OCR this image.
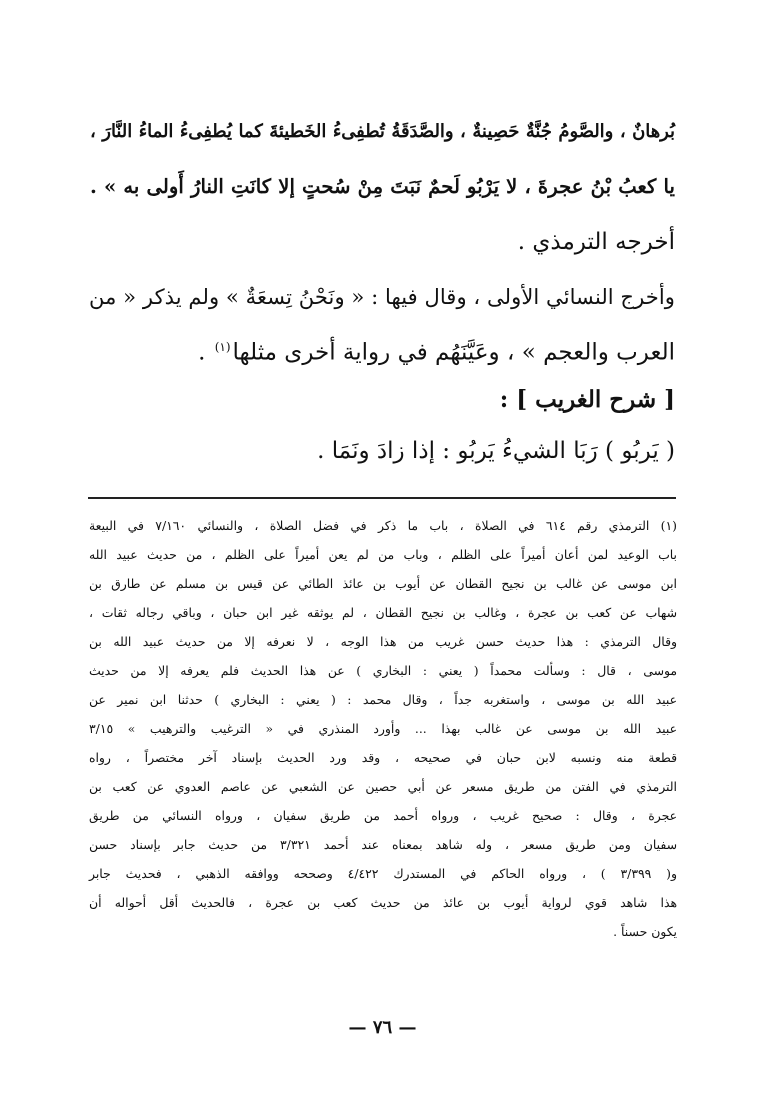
بُرهانٌ ، والصَّومُ جُنَّةٌ حَصِينةٌ ، والصَّدَقَةُ تُطفِىءُ الخَطيئةَ كما يُطفِىءُ الماءُ النَّارَ ،
يا كعبُ بْنُ عجرةَ ، لا يَرْبُو لَحمٌ نَبَتَ مِنْ سُحتٍ إلا كانَتِ النارُ أَولى به » .
أخرجه الترمذي .
وأخرج النسائي الأولى ، وقال فيها : « ونَحْنُ تِسعَةٌ » ولم يذكر « من
العرب والعجم » ، وعَيَّنَهُم في رواية أخرى مثلها$^{(١)}$ .
[ شرح الغريب ] :
( يَربُو ) رَبَا الشيءُ يَربُو : إذا زادَ ونَمَا .
(١) الترمذي رقم ٦١٤ في الصلاة ، باب ما ذكر في فضل الصلاة ، والنسائي ٧/١٦٠ في البيعة
باب الوعيد لمن أعان أميراً على الظلم ، وباب من لم يعن أميراً على الظلم ، من حديث عبيد الله
ابن موسى عن غالب بن نجيح القطان عن أيوب بن عائذ الطائي عن قيس بن مسلم عن طارق بن
شهاب عن كعب بن عجرة ، وغالب بن نجيح القطان ، لم يوثقه غير ابن حبان ، وباقي رجاله ثقات ،
وقال الترمذي : هذا حديث حسن غريب من هذا الوجه ، لا نعرفه إلا من حديث عبيد الله بن
موسى ، قال : وسألت محمداً ( يعني : البخاري ) عن هذا الحديث فلم يعرفه إلا من حديث
عبيد الله بن موسى ، واستغربه جداً ، وقال محمد : ( يعني : البخاري ) حدثنا ابن نمير عن
عبيد الله بن موسى عن غالب بهذا ... وأورد المنذري في « الترغيب والترهيب » ٣/١٥
قطعة منه ونسبه لابن حبان في صحيحه ، وقد ورد الحديث بإسناد آخر مختصراً ، رواه
الترمذي في الفتن من طريق مسعر عن أبي حصين عن الشعبي عن عاصم العدوي عن كعب بن
عجرة ، وقال : صحيح غريب ، ورواه أحمد من طريق سفيان ، ورواه النسائي من طريق
سفيان ومن طريق مسعر ، وله شاهد بمعناه عند أحمد ٣/٣٢١ من حديث جابر بإسناد حسن
و( ٣/٣٩٩ ) ، ورواه الحاكم في المستدرك ٤/٤٢٢ وصححه ووافقه الذهبي ، فحديث جابر
هذا شاهد قوي لرواية أيوب بن عائذ من حديث كعب بن عجرة ، فالحديث أقل أحواله أن
يكون حسناً .
— ٧٦ —
